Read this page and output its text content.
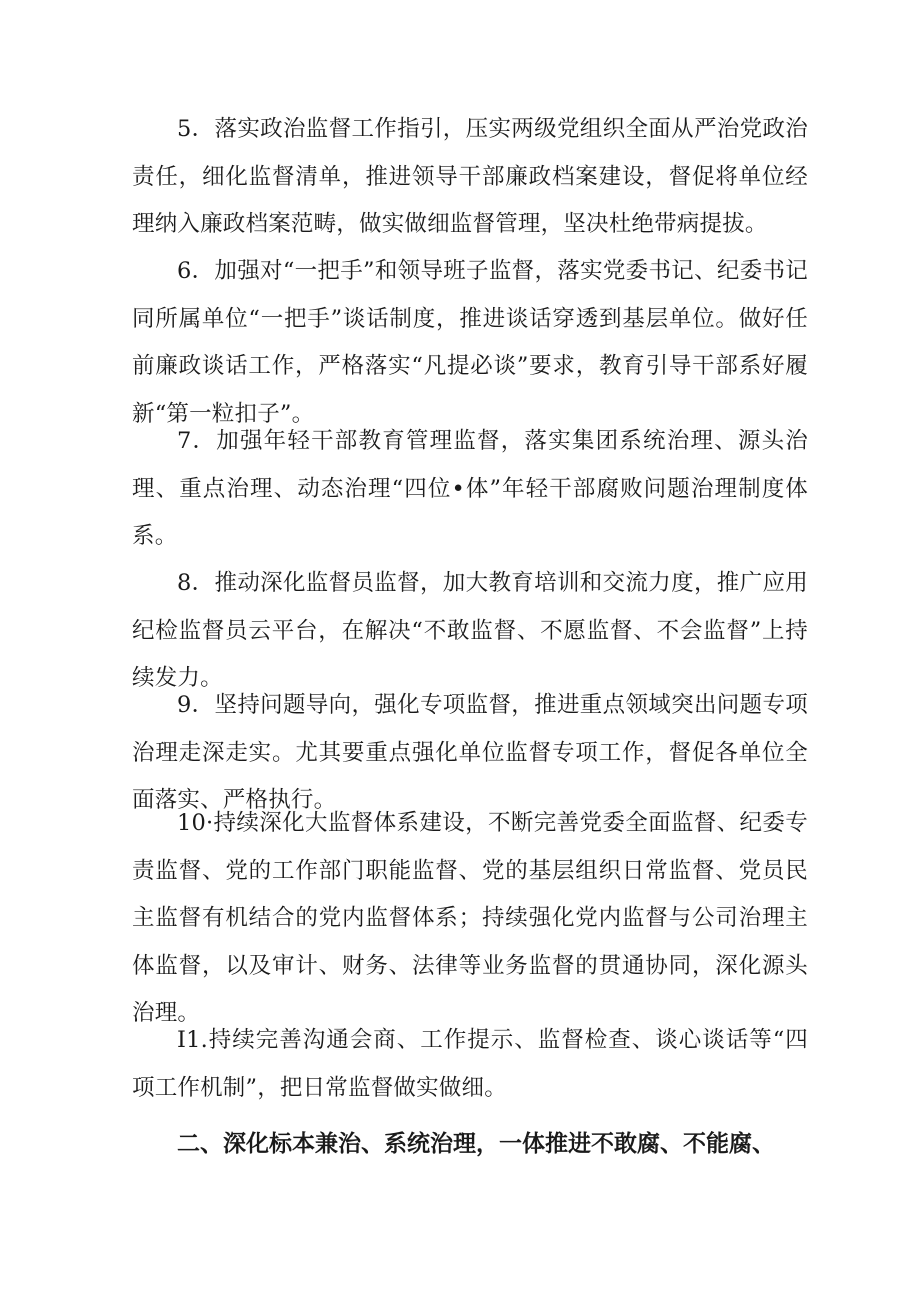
5．落实政治监督工作指引，压实两级党组织全面从严治党政治责任，细化监督清单，推进领导干部廉政档案建设，督促将单位经理纳入廉政档案范畴，做实做细监督管理，坚决杜绝带病提拔。

6．加强对“一把手”和领导班子监督，落实党委书记、纪委书记同所属单位“一把手”谈话制度，推进谈话穿透到基层单位。做好任前廉政谈话工作，严格落实“凡提必谈”要求，教育引导干部系好履新“第一粒扣子”。

7．加强年轻干部教育管理监督，落实集团系统治理、源头治理、重点治理、动态治理“四位•体”年轻干部腐败问题治理制度体系。

8．推动深化监督员监督，加大教育培训和交流力度，推广应用纪检监督员云平台，在解决“不敢监督、不愿监督、不会监督”上持续发力。

9．坚持问题导向，强化专项监督，推进重点领域突出问题专项治理走深走实。尤其要重点强化单位监督专项工作，督促各单位全面落实、严格执行。

10·持续深化大监督体系建设，不断完善党委全面监督、纪委专责监督、党的工作部门职能监督、党的基层组织日常监督、党员民主监督有机结合的党内监督体系；持续强化党内监督与公司治理主体监督，以及审计、财务、法律等业务监督的贯通协同，深化源头治理。

I1.持续完善沟通会商、工作提示、监督检查、谈心谈话等“四项工作机制”，把日常监督做实做细。

二、深化标本兼治、系统治理，一体推进不敢腐、不能腐、
